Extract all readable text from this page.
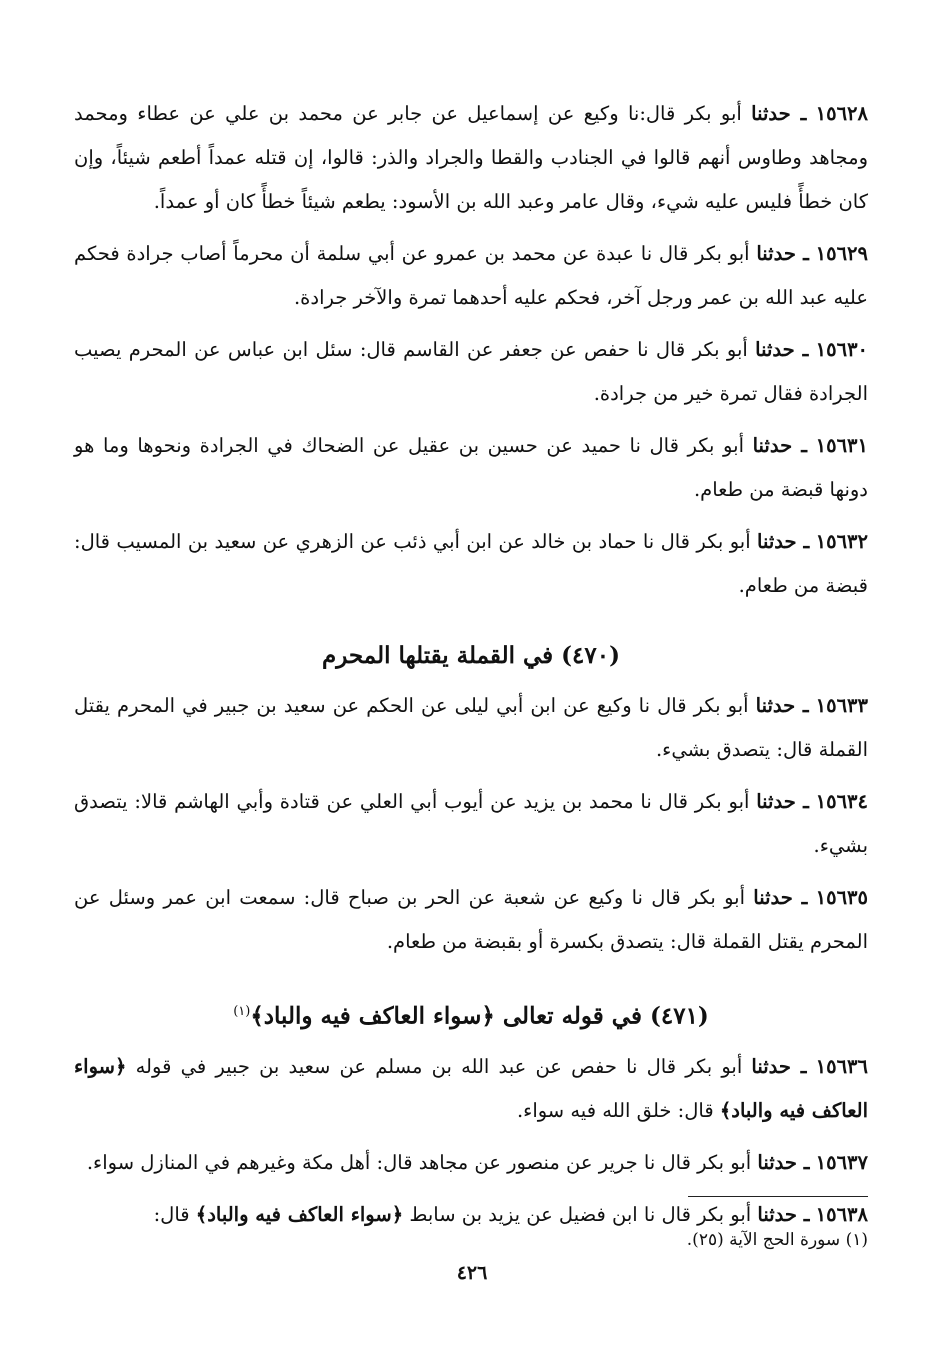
١٥٦٢٨ ـ حدثنا أبو بكر قال:نا وكيع عن إسماعيل عن جابر عن محمد بن علي عن عطاء ومحمد ومجاهد وطاوس أنهم قالوا في الجنادب والقطا والجراد والذر: قالوا، إن قتله عمداً أطعم شيئاً، وإن كان خطأً فليس عليه شيء، وقال عامر وعبد الله بن الأسود: يطعم شيئاً خطأً كان أو عمداً.

١٥٦٢٩ ـ حدثنا أبو بكر قال نا عبدة عن محمد بن عمرو عن أبي سلمة أن محرماً أصاب جرادة فحكم عليه عبد الله بن عمر ورجل آخر، فحكم عليه أحدهما تمرة والآخر جرادة.

١٥٦٣٠ ـ حدثنا أبو بكر قال نا حفص عن جعفر عن القاسم قال: سئل ابن عباس عن المحرم يصيب الجرادة فقال تمرة خير من جرادة.

١٥٦٣١ ـ حدثنا أبو بكر قال نا حميد عن حسين بن عقيل عن الضحاك في الجرادة ونحوها وما هو دونها قبضة من طعام.

١٥٦٣٢ ـ حدثنا أبو بكر قال نا حماد بن خالد عن ابن أبي ذئب عن الزهري عن سعيد بن المسيب قال: قبضة من طعام.

(٤٧٠) في القملة يقتلها المحرم

١٥٦٣٣ ـ حدثنا أبو بكر قال نا وكيع عن ابن أبي ليلى عن الحكم عن سعيد بن جبير في المحرم يقتل القملة قال: يتصدق بشيء.

١٥٦٣٤ ـ حدثنا أبو بكر قال نا محمد بن يزيد عن أيوب أبي العلي عن قتادة وأبي الهاشم قالا: يتصدق بشيء.

١٥٦٣٥ ـ حدثنا أبو بكر قال نا وكيع عن شعبة عن الحر بن صباح قال: سمعت ابن عمر وسئل عن المحرم يقتل القملة قال: يتصدق بكسرة أو بقبضة من طعام.

(٤٧١) في قوله تعالى ﴿سواء العاكف فيه والباد﴾$^{(١)}$

١٥٦٣٦ ـ حدثنا أبو بكر قال نا حفص عن عبد الله بن مسلم عن سعيد بن جبير في قوله ﴿سواء العاكف فيه والباد﴾ قال: خلق الله فيه سواء.

١٥٦٣٧ ـ حدثنا أبو بكر قال نا جرير عن منصور عن مجاهد قال: أهل مكة وغيرهم في المنازل سواء.

١٥٦٣٨ ـ حدثنا أبو بكر قال نا ابن فضيل عن يزيد بن سابط ﴿سواء العاكف فيه والباد﴾ قال:

(١) سورة الحج الآية (٢٥).
٤٢٦
